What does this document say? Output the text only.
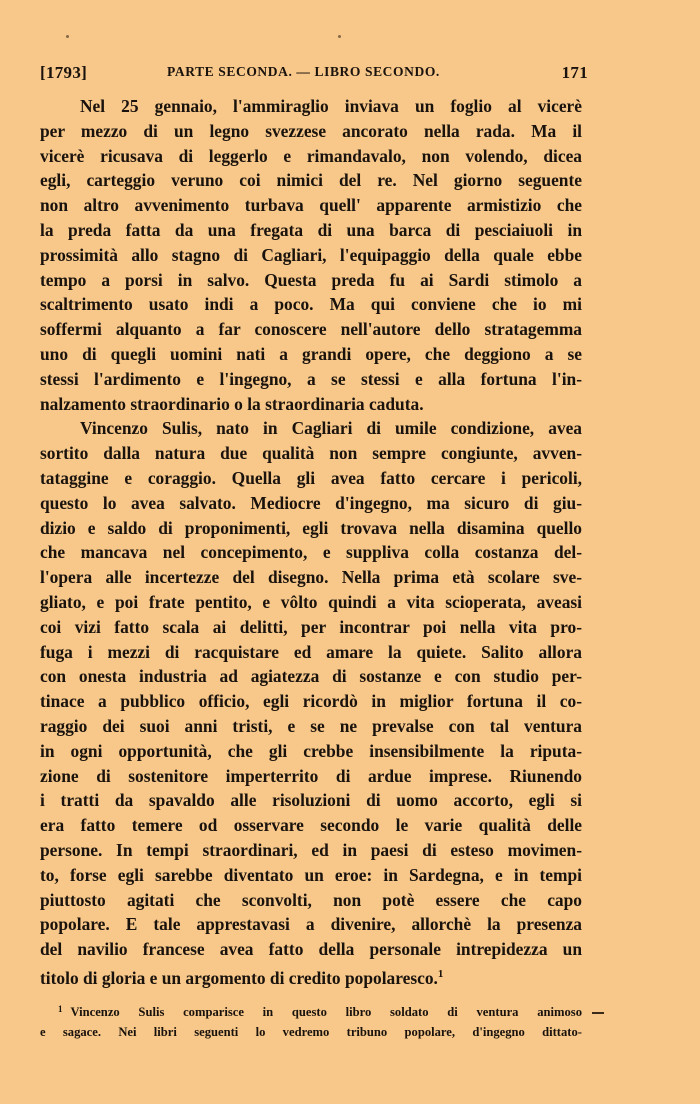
[1793]	PARTE SECONDA. — LIBRO SECONDO.	171
Nel 25 gennaio, l'ammiraglio inviava un foglio al vicerè
per mezzo di un legno svezzese ancorato nella rada. Ma il
vicerè ricusava di leggerlo e rimandavalo, non volendo, dicea
egli, carteggio veruno coi nimici del re. Nel giorno seguente
non altro avvenimento turbava quell' apparente armistizio che
la preda fatta da una fregata di una barca di pesciaiuoli in
prossimità allo stagno di Cagliari, l'equipaggio della quale ebbe
tempo a porsi in salvo. Questa preda fu ai Sardi stimolo a
scaltrimento usato indi a poco. Ma qui conviene che io mi
soffermi alquanto a far conoscere nell'autore dello stratagemma
uno di quegli uomini nati a grandi opere, che deggiono a se
stessi l'ardimento e l'ingegno, a se stessi e alla fortuna l'in-
nalzamento straordinario o la straordinaria caduta.
Vincenzo Sulis, nato in Cagliari di umile condizione, avea
sortito dalla natura due qualità non sempre congiunte, avven-
tataggine e coraggio. Quella gli avea fatto cercare i pericoli,
questo lo avea salvato. Mediocre d'ingegno, ma sicuro di giu-
dizio e saldo di proponimenti, egli trovava nella disamina quello
che mancava nel concepimento, e suppliva colla costanza del-
l'opera alle incertezze del disegno. Nella prima età scolare sve-
gliato, e poi frate pentito, e vôlto quindi a vita scioperata, aveasi
coi vizi fatto scala ai delitti, per incontrar poi nella vita pro-
fuga i mezzi di racquistare ed amare la quiete. Salito allora
con onesta industria ad agiatezza di sostanze e con studio per-
tinace a pubblico officio, egli ricordò in miglior fortuna il co-
raggio dei suoi anni tristi, e se ne prevalse con tal ventura
in ogni opportunità, che gli crebbe insensibilmente la riputa-
zione di sostenitore imperterrito di ardue imprese. Riunendo
i tratti da spavaldo alle risoluzioni di uomo accorto, egli si
era fatto temere od osservare secondo le varie qualità delle
persone. In tempi straordinari, ed in paesi di esteso movimen-
to, forse egli sarebbe diventato un eroe: in Sardegna, e in tempi
piuttosto agitati che sconvolti, non potè essere che capo
popolare. E tale apprestavasi a divenire, allorchè la presenza
del navilio francese avea fatto della personale intrepidezza un
titolo di gloria e un argomento di credito popolaresco.$^1$
$^1$ Vincenzo Sulis comparisce in questo libro soldato di ventura animoso
e sagace. Nei libri seguenti lo vedremo tribuno popolare, d'ingegno dittato-
